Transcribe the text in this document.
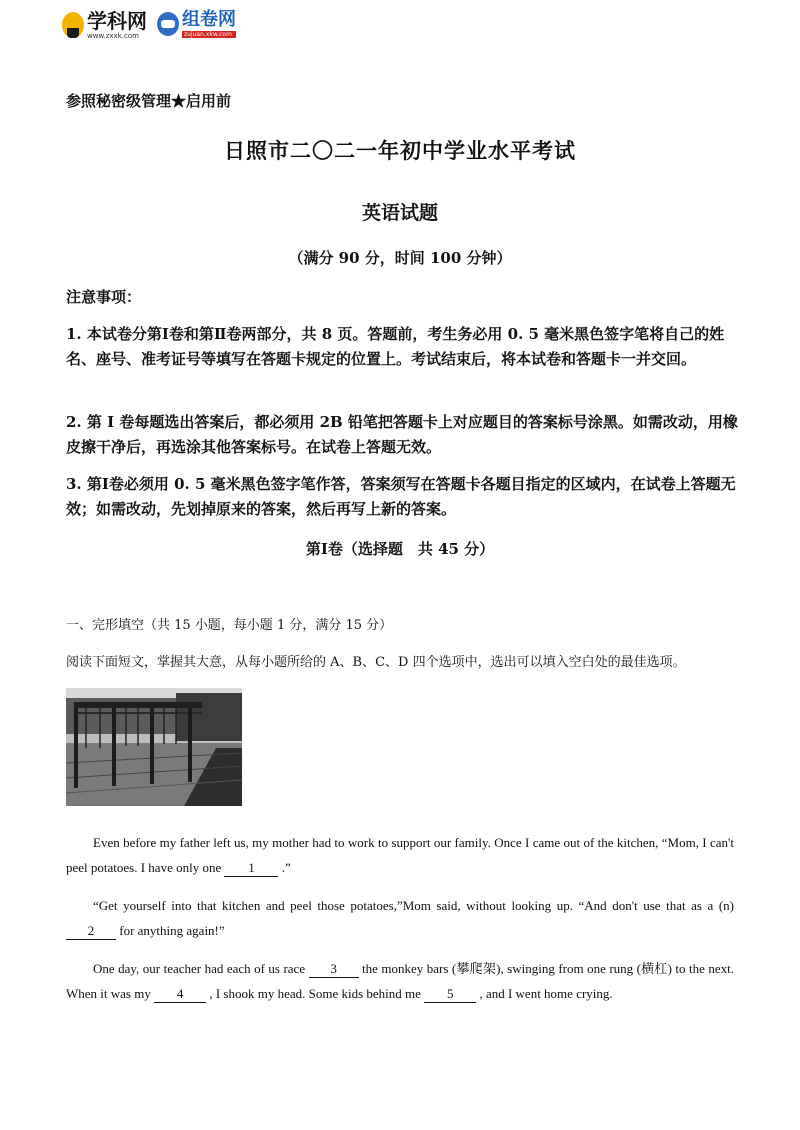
学科网
www.zxxk.com
组卷网
zujuan.xkw.com
参照秘密级管理★启用前
日照市二〇二一年初中学业水平考试
英语试题
（满分 90 分，时间 100 分钟）
注意事项：
1. 本试卷分第Ⅰ卷和第Ⅱ卷两部分，共 8 页。答题前，考生务必用 0. 5 毫米黑色签字笔将自己的姓名、座号、准考证号等填写在答题卡规定的位置上。考试结束后，将本试卷和答题卡一并交回。
2. 第 I 卷每题选出答案后，都必须用 2B 铅笔把答题卡上对应题目的答案标号涂黑。如需改动，用橡皮擦干净后，再选涂其他答案标号。在试卷上答题无效。
3. 第Ⅰ卷必须用 0. 5 毫米黑色签字笔作答，答案须写在答题卡各题目指定的区域内，在试卷上答题无效；如需改动，先划掉原来的答案，然后再写上新的答案。
第Ⅰ卷（选择题　共 45 分）
一、完形填空（共 15 小题，每小题 1 分，满分 15 分）
阅读下面短文，掌握其大意，从每小题所给的 A、B、C、D 四个选项中，选出可以填入空白处的最佳选项。
Even before my father left us, my mother had to work to support our family. Once I came out of the kitchen, “Mom, I can't peel potatoes. I have only one 1 .”
“Get yourself into that kitchen and peel those potatoes,”Mom said, without looking up. “And don't use that as a (n) 2 for anything again!”
One day, our teacher had each of us race 3 the monkey bars (攀爬架), swinging from one rung (横杠) to the next. When it was my 4 , I shook my head. Some kids behind me 5 , and I went home crying.
